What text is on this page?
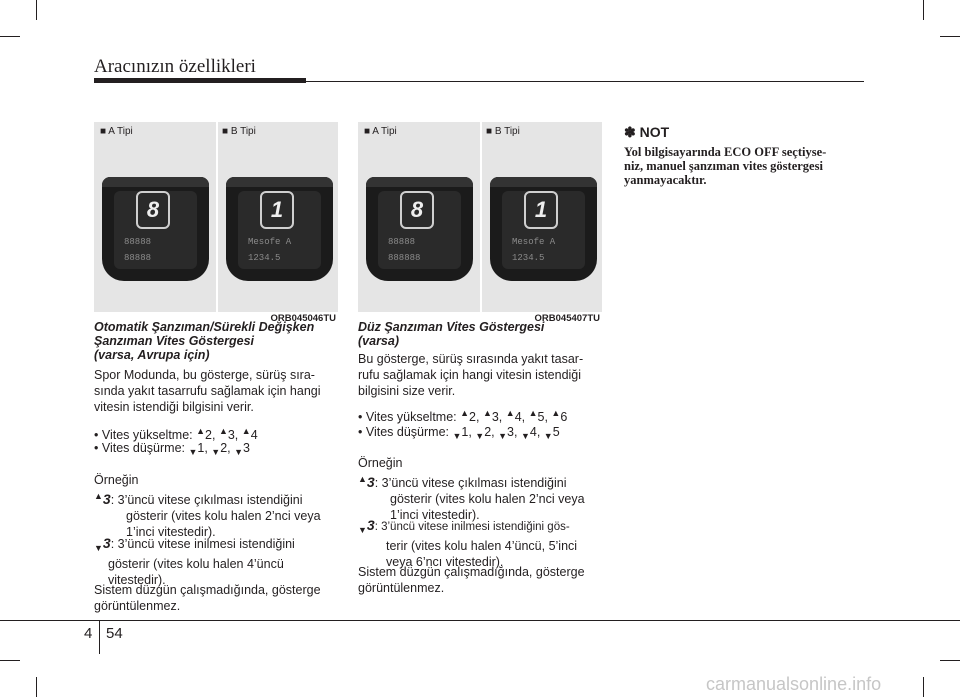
Aracınızın özellikleri
■ A Tipi	■ B Tipi
8
88888
88888
1
Mesofe A
1234.5
ORB045046TU
■ A Tipi	■ B Tipi
8
88888
888888
1
Mesofe A
1234.5
ORB045407TU
Otomatik Şanzıman/Sürekli Değişken
Şanzıman Vites Göstergesi
(varsa, Avrupa için)
Spor Modunda, bu gösterge, sürüş sıra-
sında yakıt tasarrufu sağlamak için hangi
vitesin istendiği bilgisini verir.
• Vites yükseltme: ▲ 2, ▲ 3, ▲ 4
• Vites düşürme: ▼ 1, ▼ 2, ▼ 3
Örneğin
▲ 3: 3’üncü vitese çıkılması istendiğini
gösterir (vites kolu halen 2’nci veya
1’inci vitestedir).
▼ 3: 3’üncü vitese inilmesi istendiğini
gösterir (vites kolu halen 4’üncü
vitestedir).
Sistem düzgün çalışmadığında, gösterge
görüntülenmez.
Düz Şanzıman Vites Göstergesi
(varsa)
Bu gösterge, sürüş sırasında yakıt tasar-
rufu sağlamak için hangi vitesin istendiği
bilgisini size verir.
• Vites yükseltme: ▲ 2, ▲ 3, ▲ 4, ▲ 5, ▲ 6
• Vites düşürme: ▼ 1, ▼ 2, ▼ 3, ▼ 4, ▼ 5
Örneğin
▲ 3: 3’üncü vitese çıkılması istendiğini
gösterir (vites kolu halen 2’nci veya
1’inci vitestedir).
▼ 3: 3’üncü vitese inilmesi istendiğini gös-
terir (vites kolu halen 4’üncü, 5’inci
veya 6’ncı vitestedir).
Sistem düzgün çalışmadığında, gösterge
görüntülenmez.
✽ NOT
Yol bilgisayarında ECO OFF seçtiyse-
niz, manuel şanzıman vites göstergesi
yanmayacaktır.
4 54
carmanualsonline.info
